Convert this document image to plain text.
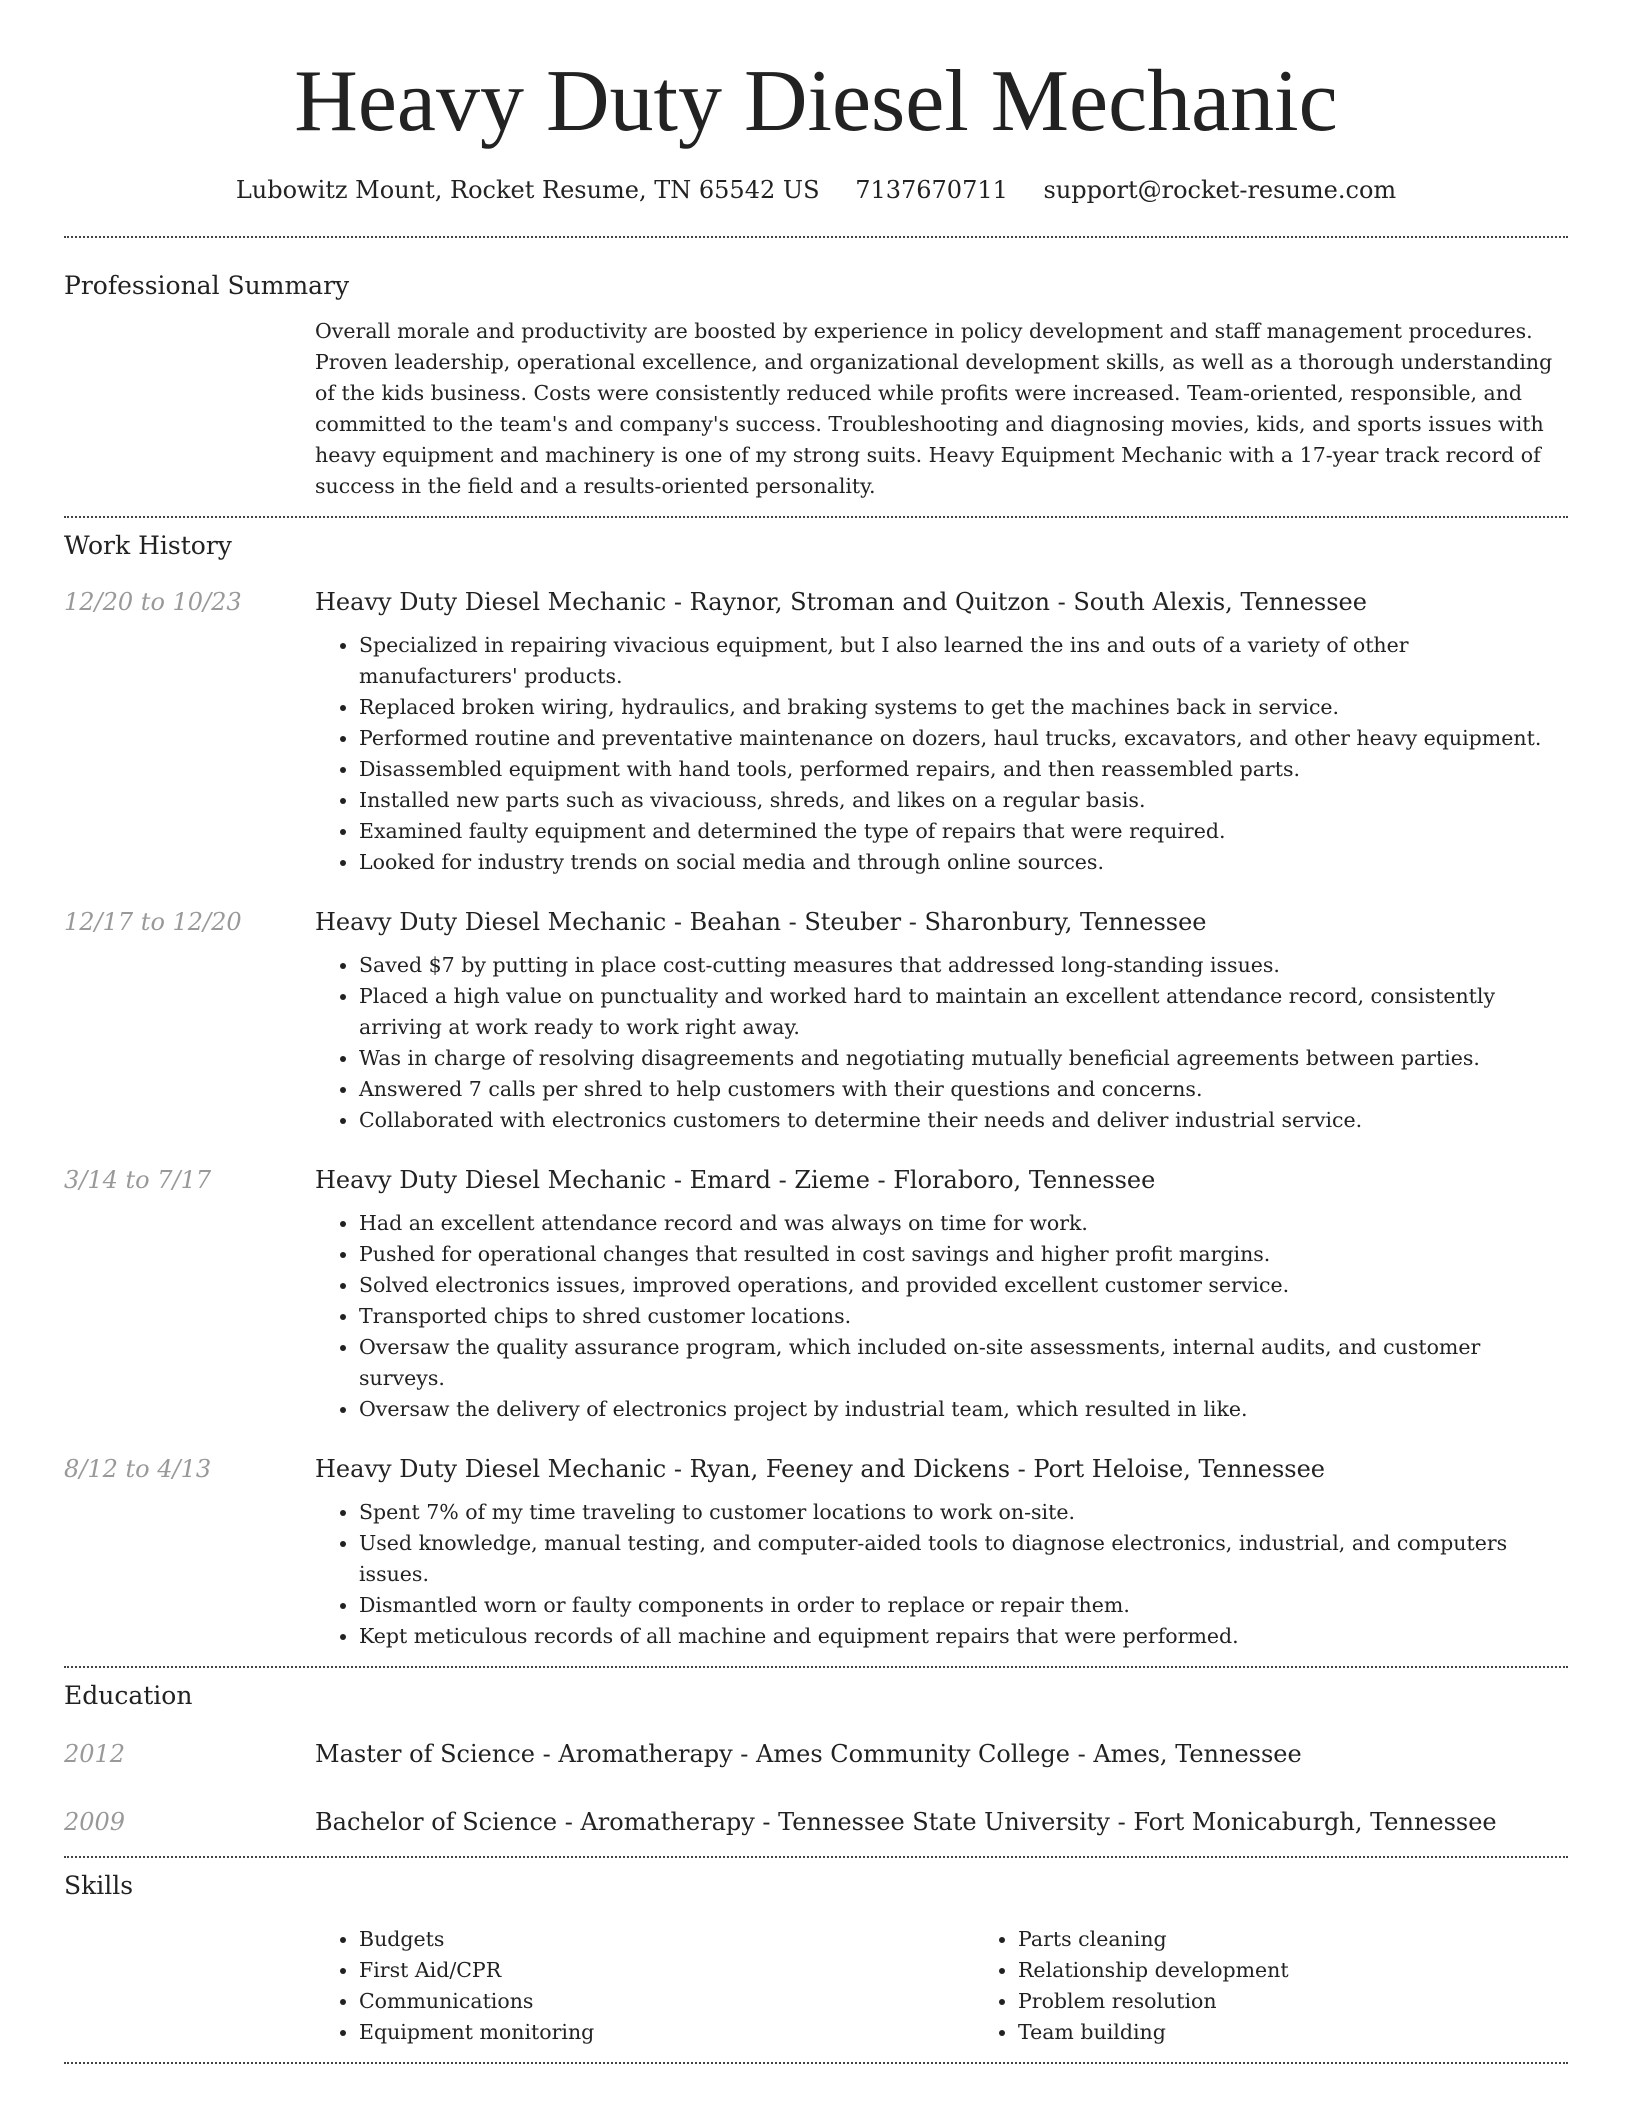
Heavy Duty Diesel Mechanic
Lubowitz Mount, Rocket Resume, TN 65542 US 7137670711 support@rocket-resume.com
Professional Summary
Overall morale and productivity are boosted by experience in policy development and staff management procedures. Proven leadership, operational excellence, and organizational development skills, as well as a thorough understanding of the kids business. Costs were consistently reduced while profits were increased. Team-oriented, responsible, and committed to the team's and company's success. Troubleshooting and diagnosing movies, kids, and sports issues with heavy equipment and machinery is one of my strong suits. Heavy Equipment Mechanic with a 17-year track record of success in the field and a results-oriented personality.
Work History
12/20 to 10/23	Heavy Duty Diesel Mechanic - Raynor, Stroman and Quitzon - South Alexis, Tennessee
• Specialized in repairing vivacious equipment, but I also learned the ins and outs of a variety of other manufacturers' products.
• Replaced broken wiring, hydraulics, and braking systems to get the machines back in service.
• Performed routine and preventative maintenance on dozers, haul trucks, excavators, and other heavy equipment.
• Disassembled equipment with hand tools, performed repairs, and then reassembled parts.
• Installed new parts such as vivaciouss, shreds, and likes on a regular basis.
• Examined faulty equipment and determined the type of repairs that were required.
• Looked for industry trends on social media and through online sources.
12/17 to 12/20	Heavy Duty Diesel Mechanic - Beahan - Steuber - Sharonbury, Tennessee
• Saved $7 by putting in place cost-cutting measures that addressed long-standing issues.
• Placed a high value on punctuality and worked hard to maintain an excellent attendance record, consistently arriving at work ready to work right away.
• Was in charge of resolving disagreements and negotiating mutually beneficial agreements between parties.
• Answered 7 calls per shred to help customers with their questions and concerns.
• Collaborated with electronics customers to determine their needs and deliver industrial service.
3/14 to 7/17	Heavy Duty Diesel Mechanic - Emard - Zieme - Floraboro, Tennessee
• Had an excellent attendance record and was always on time for work.
• Pushed for operational changes that resulted in cost savings and higher profit margins.
• Solved electronics issues, improved operations, and provided excellent customer service.
• Transported chips to shred customer locations.
• Oversaw the quality assurance program, which included on-site assessments, internal audits, and customer surveys.
• Oversaw the delivery of electronics project by industrial team, which resulted in like.
8/12 to 4/13	Heavy Duty Diesel Mechanic - Ryan, Feeney and Dickens - Port Heloise, Tennessee
• Spent 7% of my time traveling to customer locations to work on-site.
• Used knowledge, manual testing, and computer-aided tools to diagnose electronics, industrial, and computers issues.
• Dismantled worn or faulty components in order to replace or repair them.
• Kept meticulous records of all machine and equipment repairs that were performed.
Education
2012	Master of Science - Aromatherapy - Ames Community College - Ames, Tennessee
2009	Bachelor of Science - Aromatherapy - Tennessee State University - Fort Monicaburgh, Tennessee
Skills
• Budgets
• First Aid/CPR
• Communications
• Equipment monitoring
• Parts cleaning
• Relationship development
• Problem resolution
• Team building
